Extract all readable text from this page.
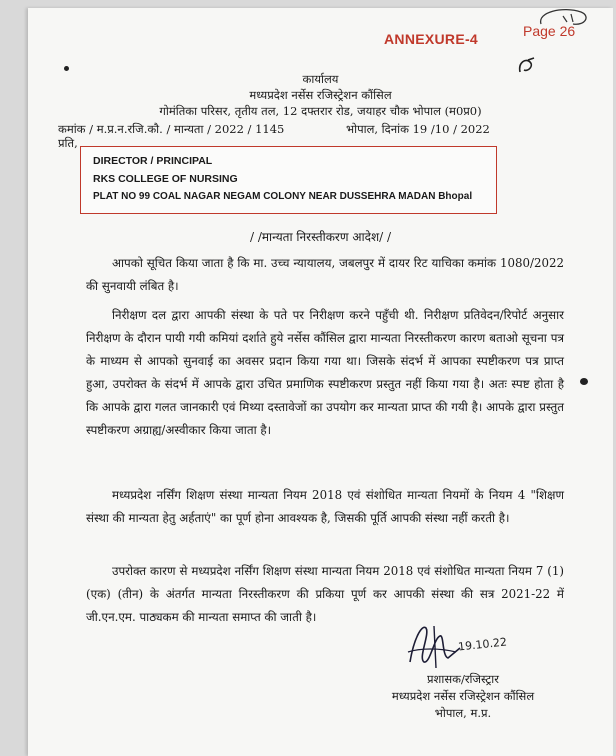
ANNEXURE-4	Page 26
कार्यालय
मध्यप्रदेश नर्सेस रजिस्ट्रेशन कौंसिल
गोमंतिका परिसर, तृतीय तल, 12 दफ्तरार रोड, जयाहर चौक भोपाल (म0प्र0)
कमांक / म.प्र.न.रजि.कौ. / मान्यता / 2022 / 1145	भोपाल, दिनांक 19 /10 / 2022
प्रति,
DIRECTOR / PRINCIPAL
RKS COLLEGE OF NURSING
PLAT NO 99 COAL NAGAR NEGAM COLONY NEAR DUSSEHRA MADAN Bhopal
/ /मान्यता निरस्तीकरण आदेश/ /
आपको सूचित किया जाता है कि मा. उच्च न्यायालय, जबलपुर में दायर रिट याचिका कमांक 1080/2022 की सुनवायी लंबित है।
निरीक्षण दल द्वारा आपकी संस्था के पते पर निरीक्षण करने पहुँची थी. निरीक्षण प्रतिवेदन/रिपोर्ट अनुसार निरीक्षण के दौरान पायी गयी कमियां दर्शाते हुये नर्सेस कौंसिल द्वारा मान्यता निरस्तीकरण कारण बताओ सूचना पत्र के माध्यम से आपको सुनवाई का अवसर प्रदान किया गया था। जिसके संदर्भ में आपका स्पष्टीकरण पत्र प्राप्त हुआ, उपरोक्त के संदर्भ में आपके द्वारा उचित प्रमाणिक स्पष्टीकरण प्रस्तुत नहीं किया गया है। अतः स्पष्ट होता है कि आपके द्वारा गलत जानकारी एवं मिथ्या दस्तावेजों का उपयोग कर मान्यता प्राप्त की गयी है। आपके द्वारा प्रस्तुत स्पष्टीकरण अग्राह्य/अस्वीकार किया जाता है।
मध्यप्रदेश नर्सिंग शिक्षण संस्था मान्यता नियम 2018 एवं संशोधित मान्यता नियमों के नियम 4 "शिक्षण संस्था की मान्यता हेतु अर्हताएं" का पूर्ण होना आवश्यक है, जिसकी पूर्ति आपकी संस्था नहीं करती है।
उपरोक्त कारण से मध्यप्रदेश नर्सिंग शिक्षण संस्था मान्यता नियम 2018 एवं संशोधित मान्यता नियम 7 (1) (एक) (तीन) के अंतर्गत मान्यता निरस्तीकरण की प्रकिया पूर्ण कर आपकी संस्था की सत्र 2021-22 में जी.एन.एम. पाठ्यकम की मान्यता समाप्त की जाती है।
19.10.22
प्रशासक/रजिस्ट्रार
मध्यप्रदेश नर्सेस रजिस्ट्रेशन कौंसिल
भोपाल, म.प्र.
